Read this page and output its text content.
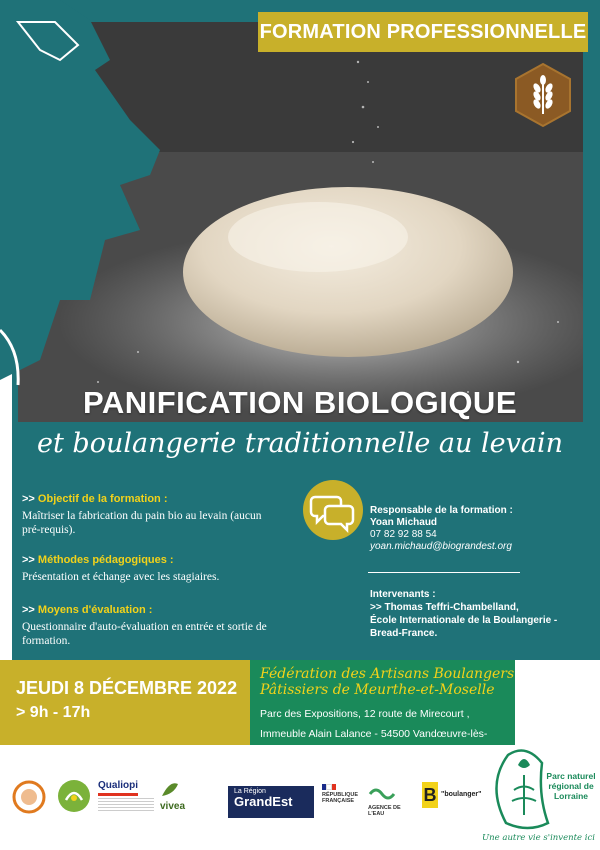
FORMATION PROFESSIONNELLE
PANIFICATION BIOLOGIQUE
et boulangerie traditionnelle au levain
>> Objectif de la formation :

Maîtriser la fabrication du pain bio au levain (aucun pré-requis).

>> Méthodes pédagogiques :

Présentation et échange avec les stagiaires.

>> Moyens d'évaluation :

Questionnaire d'auto-évaluation en entrée et sortie de formation.

Responsable de la formation :
Yoan Michaud
07 82 92 88 54
yoan.michaud@biograndest.org
Intervenants :
>> Thomas Teffri-Chambelland,
École Internationale de la Boulangerie - Bread-France.
JEUDI 8 DÉCEMBRE 2022
> 9h - 17h
Fédération des Artisans Boulangers Pâtissiers de Meurthe-et-Moselle
Parc des Expositions, 12 route de Mirecourt ,
Immeuble Alain Lalance - 54500 Vandœuvre-lès-Nancy
Qualiopi
vivea
La Région
GrandEst	RÉPUBLIQUE FRANÇAISE
AGENCE DE L'EAU
B "boulanger"
Parc naturel régional de Lorraine
Une autre vie s'invente ici
